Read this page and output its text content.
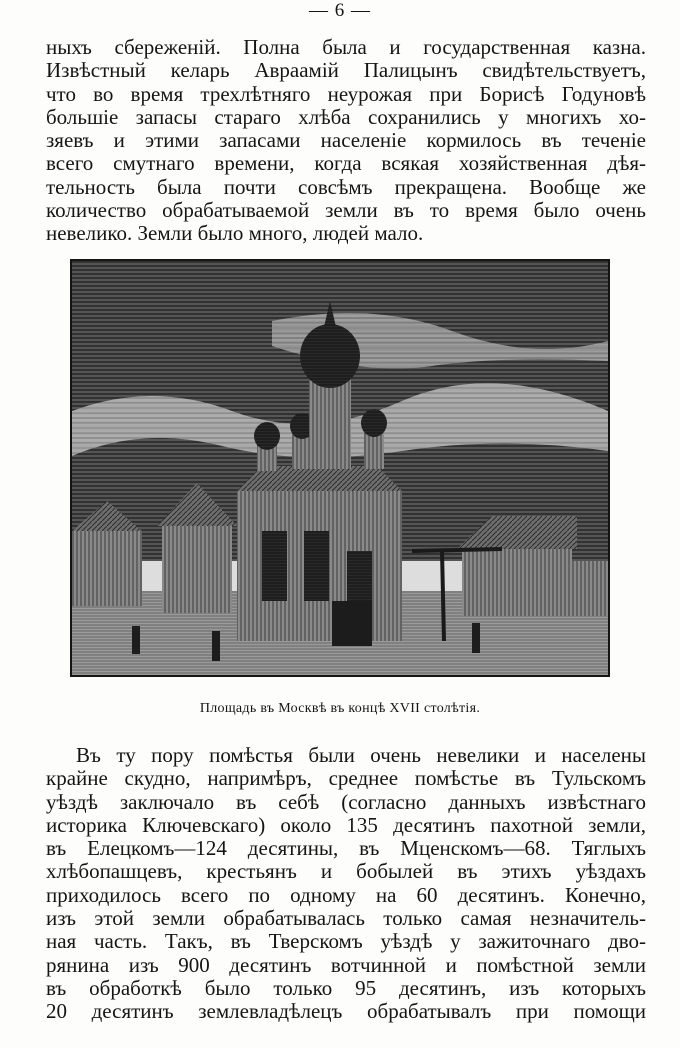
— 6 —
ныхъ сбереженій. Полна была и государственная казна.
Извѣстный келарь Авраамій Палицынъ свидѣтельствуетъ,
что во время трехлѣтняго неурожая при Борисѣ Годуновѣ
большіе запасы стараго хлѣба сохранились у многихъ хо-
зяевъ и этими запасами населеніе кормилось въ теченіе
всего смутнаго времени, когда всякая хозяйственная дѣя-
тельность была почти совсѣмъ прекращена. Вообще же
количество обрабатываемой земли въ то время было очень
невелико. Земли было много, людей мало.
Площадь въ Москвѣ въ концѣ XVII столѣтія.
Въ ту пору помѣстья были очень невелики и населены
крайне скудно, напримѣръ, среднее помѣстье въ Тульскомъ
уѣздѣ заключало въ себѣ (согласно данныхъ извѣстнаго
историка Ключевскаго) около 135 десятинъ пахотной земли,
въ Елецкомъ—124 десятины, въ Мценскомъ—68. Тяглыхъ
хлѣбопашцевъ, крестьянъ и бобылей въ этихъ уѣздахъ
приходилось всего по одному на 60 десятинъ. Конечно,
изъ этой земли обрабатывалась только самая незначитель-
ная часть. Такъ, въ Тверскомъ уѣздѣ у зажиточнаго дво-
рянина изъ 900 десятинъ вотчинной и помѣстной земли
въ обработкѣ было только 95 десятинъ, изъ которыхъ
20 десятинъ землевладѣлецъ обрабатывалъ при помощи
